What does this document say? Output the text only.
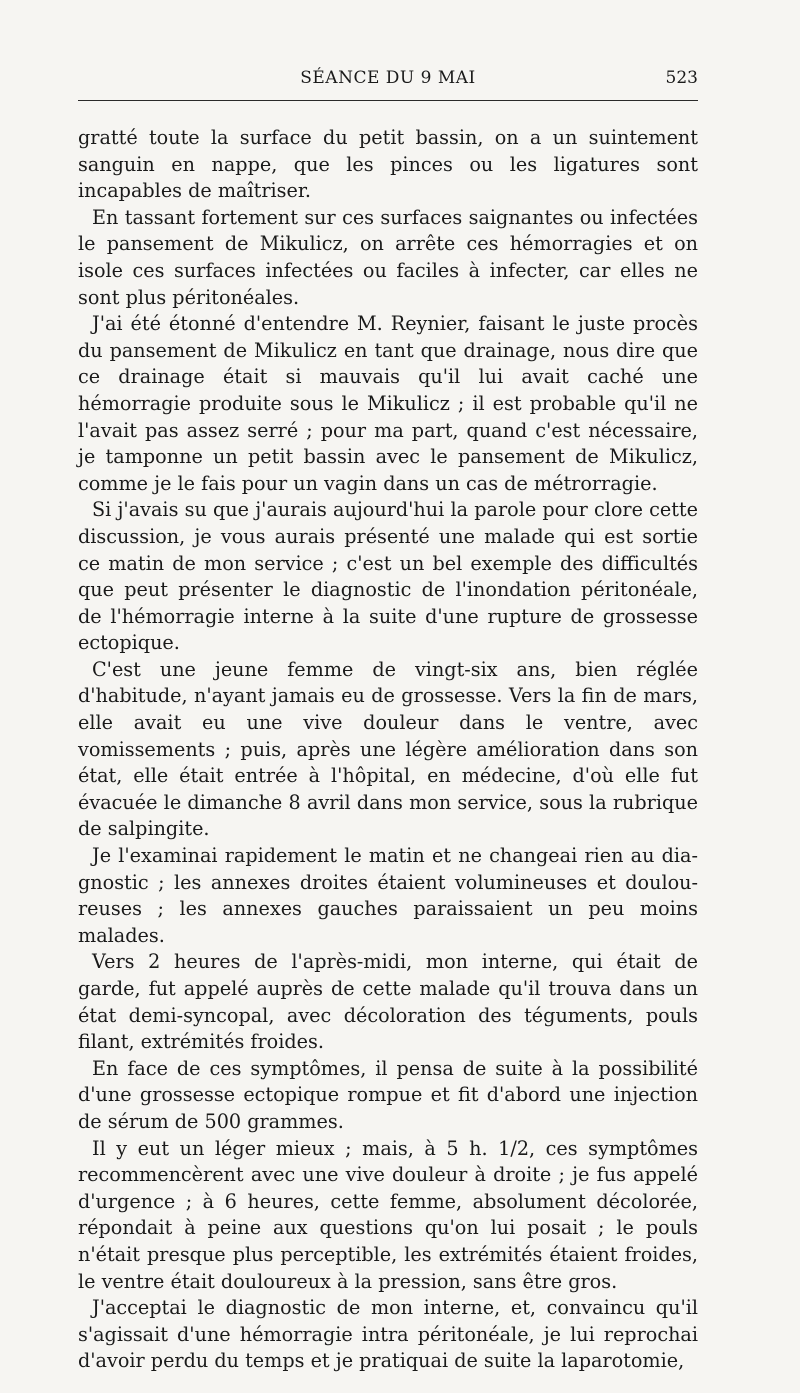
SÉANCE DU 9 MAI	523

gratté toute la surface du petit bassin, on a un suintement sanguin en nappe, que les pinces ou les ligatures sont incapables de maîtriser.

En tassant fortement sur ces surfaces saignantes ou infectées le pansement de Mikulicz, on arrête ces hémorragies et on isole ces surfaces infectées ou faciles à infecter, car elles ne sont plus péritonéales.

J'ai été étonné d'entendre M. Reynier, faisant le juste procès du pansement de Mikulicz en tant que drainage, nous dire que ce drainage était si mauvais qu'il lui avait caché une hémorragie produite sous le Mikulicz ; il est probable qu'il ne l'avait pas assez serré ; pour ma part, quand c'est nécessaire, je tamponne un petit bassin avec le pansement de Mikulicz, comme je le fais pour un vagin dans un cas de métrorragie.

Si j'avais su que j'aurais aujourd'hui la parole pour clore cette discussion, je vous aurais présenté une malade qui est sortie ce matin de mon service ; c'est un bel exemple des difficultés que peut présenter le diagnostic de l'inondation péritonéale, de l'hémorragie interne à la suite d'une rupture de grossesse ectopique.

C'est une jeune femme de vingt-six ans, bien réglée d'habitude, n'ayant jamais eu de grossesse. Vers la fin de mars, elle avait eu une vive douleur dans le ventre, avec vomissements ; puis, après une légère amélioration dans son état, elle était entrée à l'hôpital, en médecine, d'où elle fut évacuée le dimanche 8 avril dans mon service, sous la rubrique de salpingite.

Je l'examinai rapidement le matin et ne changeai rien au diagnostic ; les annexes droites étaient volumineuses et douloureuses ; les annexes gauches paraissaient un peu moins malades.

Vers 2 heures de l'après-midi, mon interne, qui était de garde, fut appelé auprès de cette malade qu'il trouva dans un état demi-syncopal, avec décoloration des téguments, pouls filant, extrémités froides.

En face de ces symptômes, il pensa de suite à la possibilité d'une grossesse ectopique rompue et fit d'abord une injection de sérum de 500 grammes.

Il y eut un léger mieux ; mais, à 5 h. 1/2, ces symptômes recommencèrent avec une vive douleur à droite ; je fus appelé d'urgence ; à 6 heures, cette femme, absolument décolorée, répondait à peine aux questions qu'on lui posait ; le pouls n'était presque plus perceptible, les extrémités étaient froides, le ventre était douloureux à la pression, sans être gros.

J'acceptai le diagnostic de mon interne, et, convaincu qu'il s'agissait d'une hémorragie intra péritonéale, je lui reprochai d'avoir perdu du temps et je pratiquai de suite la laparotomie,
